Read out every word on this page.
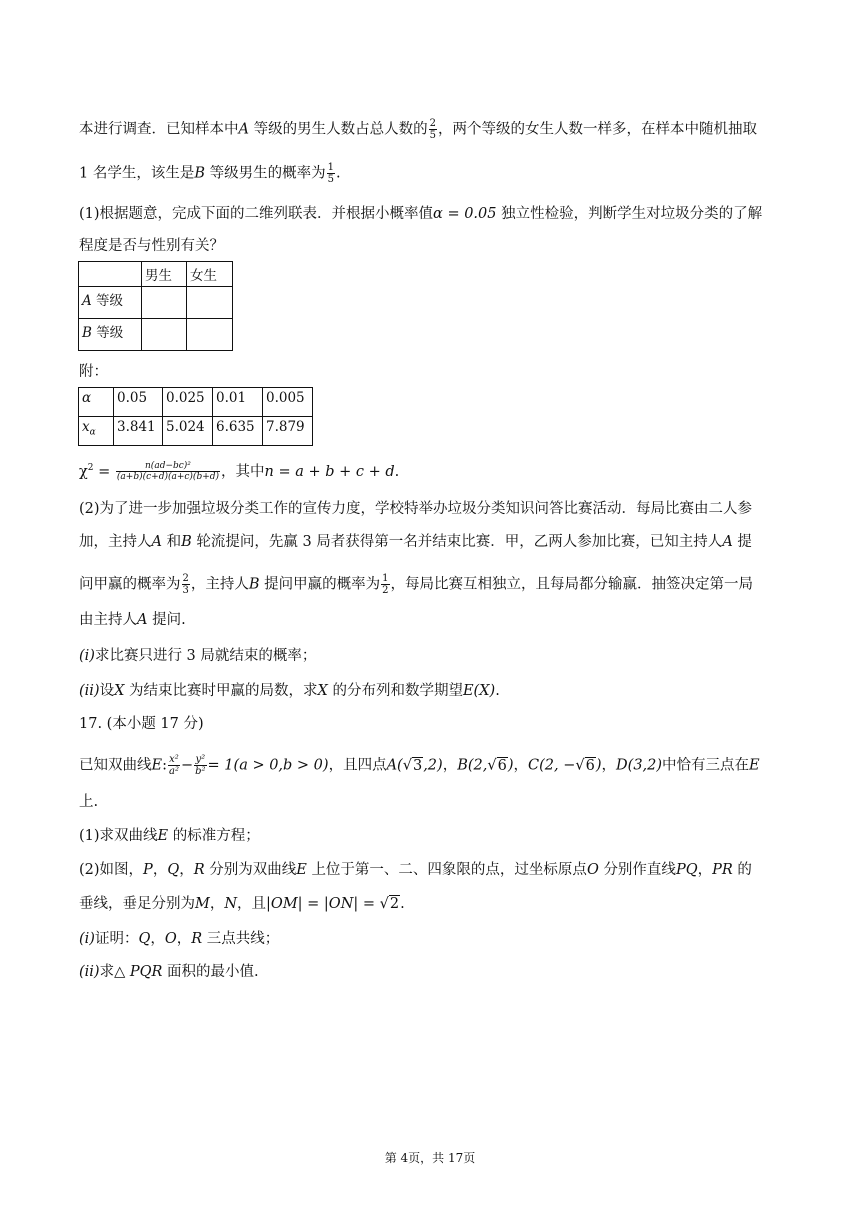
本进行调查．已知样本中A 等级的男生人数占总人数的 $\frac{2}{5}$ ，两个等级的女生人数一样多，在样本中随机抽取
1 名学生，该生是B 等级男生的概率为 $\frac{1}{5}$ .
(1)根据题意，完成下面的二维列联表．并根据小概率值α = 0.05 独立性检验，判断学生对垃圾分类的了解
程度是否与性别有关？
	男生	女生
A 等级		
B 等级		
附：
α	0.05	0.025	0.01	0.005
$x_\alpha$	3.841	5.024	6.635	7.879
$\chi^2 = \frac{\text{n(ad−bc)²}}{(a+b)(c+d)(a+c)(b+d)}$ ，其中n = a + b + c + d.
(2)为了进一步加强垃圾分类工作的宣传力度，学校特举办垃圾分类知识问答比赛活动．每局比赛由二人参
加，主持人A 和B 轮流提问，先赢 3 局者获得第一名并结束比赛．甲，乙两人参加比赛，已知主持人A 提
问甲赢的概率为 $\frac{2}{3}$ ，主持人B 提问甲赢的概率为 $\frac{1}{2}$ ，每局比赛互相独立，且每局都分输赢．抽签决定第一局
由主持人A 提问.
(i)求比赛只进行 3 局就结束的概率；
(ii)设X 为结束比赛时甲赢的局数，求X 的分布列和数学期望E(X).
17. (本小题 17 分)
已知双曲线E: $\frac{\text{x²}}{\text{a²}} - \frac{\text{y²}}{\text{b²}} = 1(a > 0,b > 0)$，且四点A(√3,2)，B(2,√6)，C(2, −√6)，D(3,2)中恰有三点在E
上.
(1)求双曲线E 的标准方程；
(2)如图，P，Q，R 分别为双曲线E 上位于第一、二、四象限的点，过坐标原点O 分别作直线PQ，PR 的
垂线，垂足分别为M，N，且|OM| = |ON| = √2.
(i)证明：Q，O，R 三点共线；
(ii)求△ PQR 面积的最小值.
第 4页，共 17页
